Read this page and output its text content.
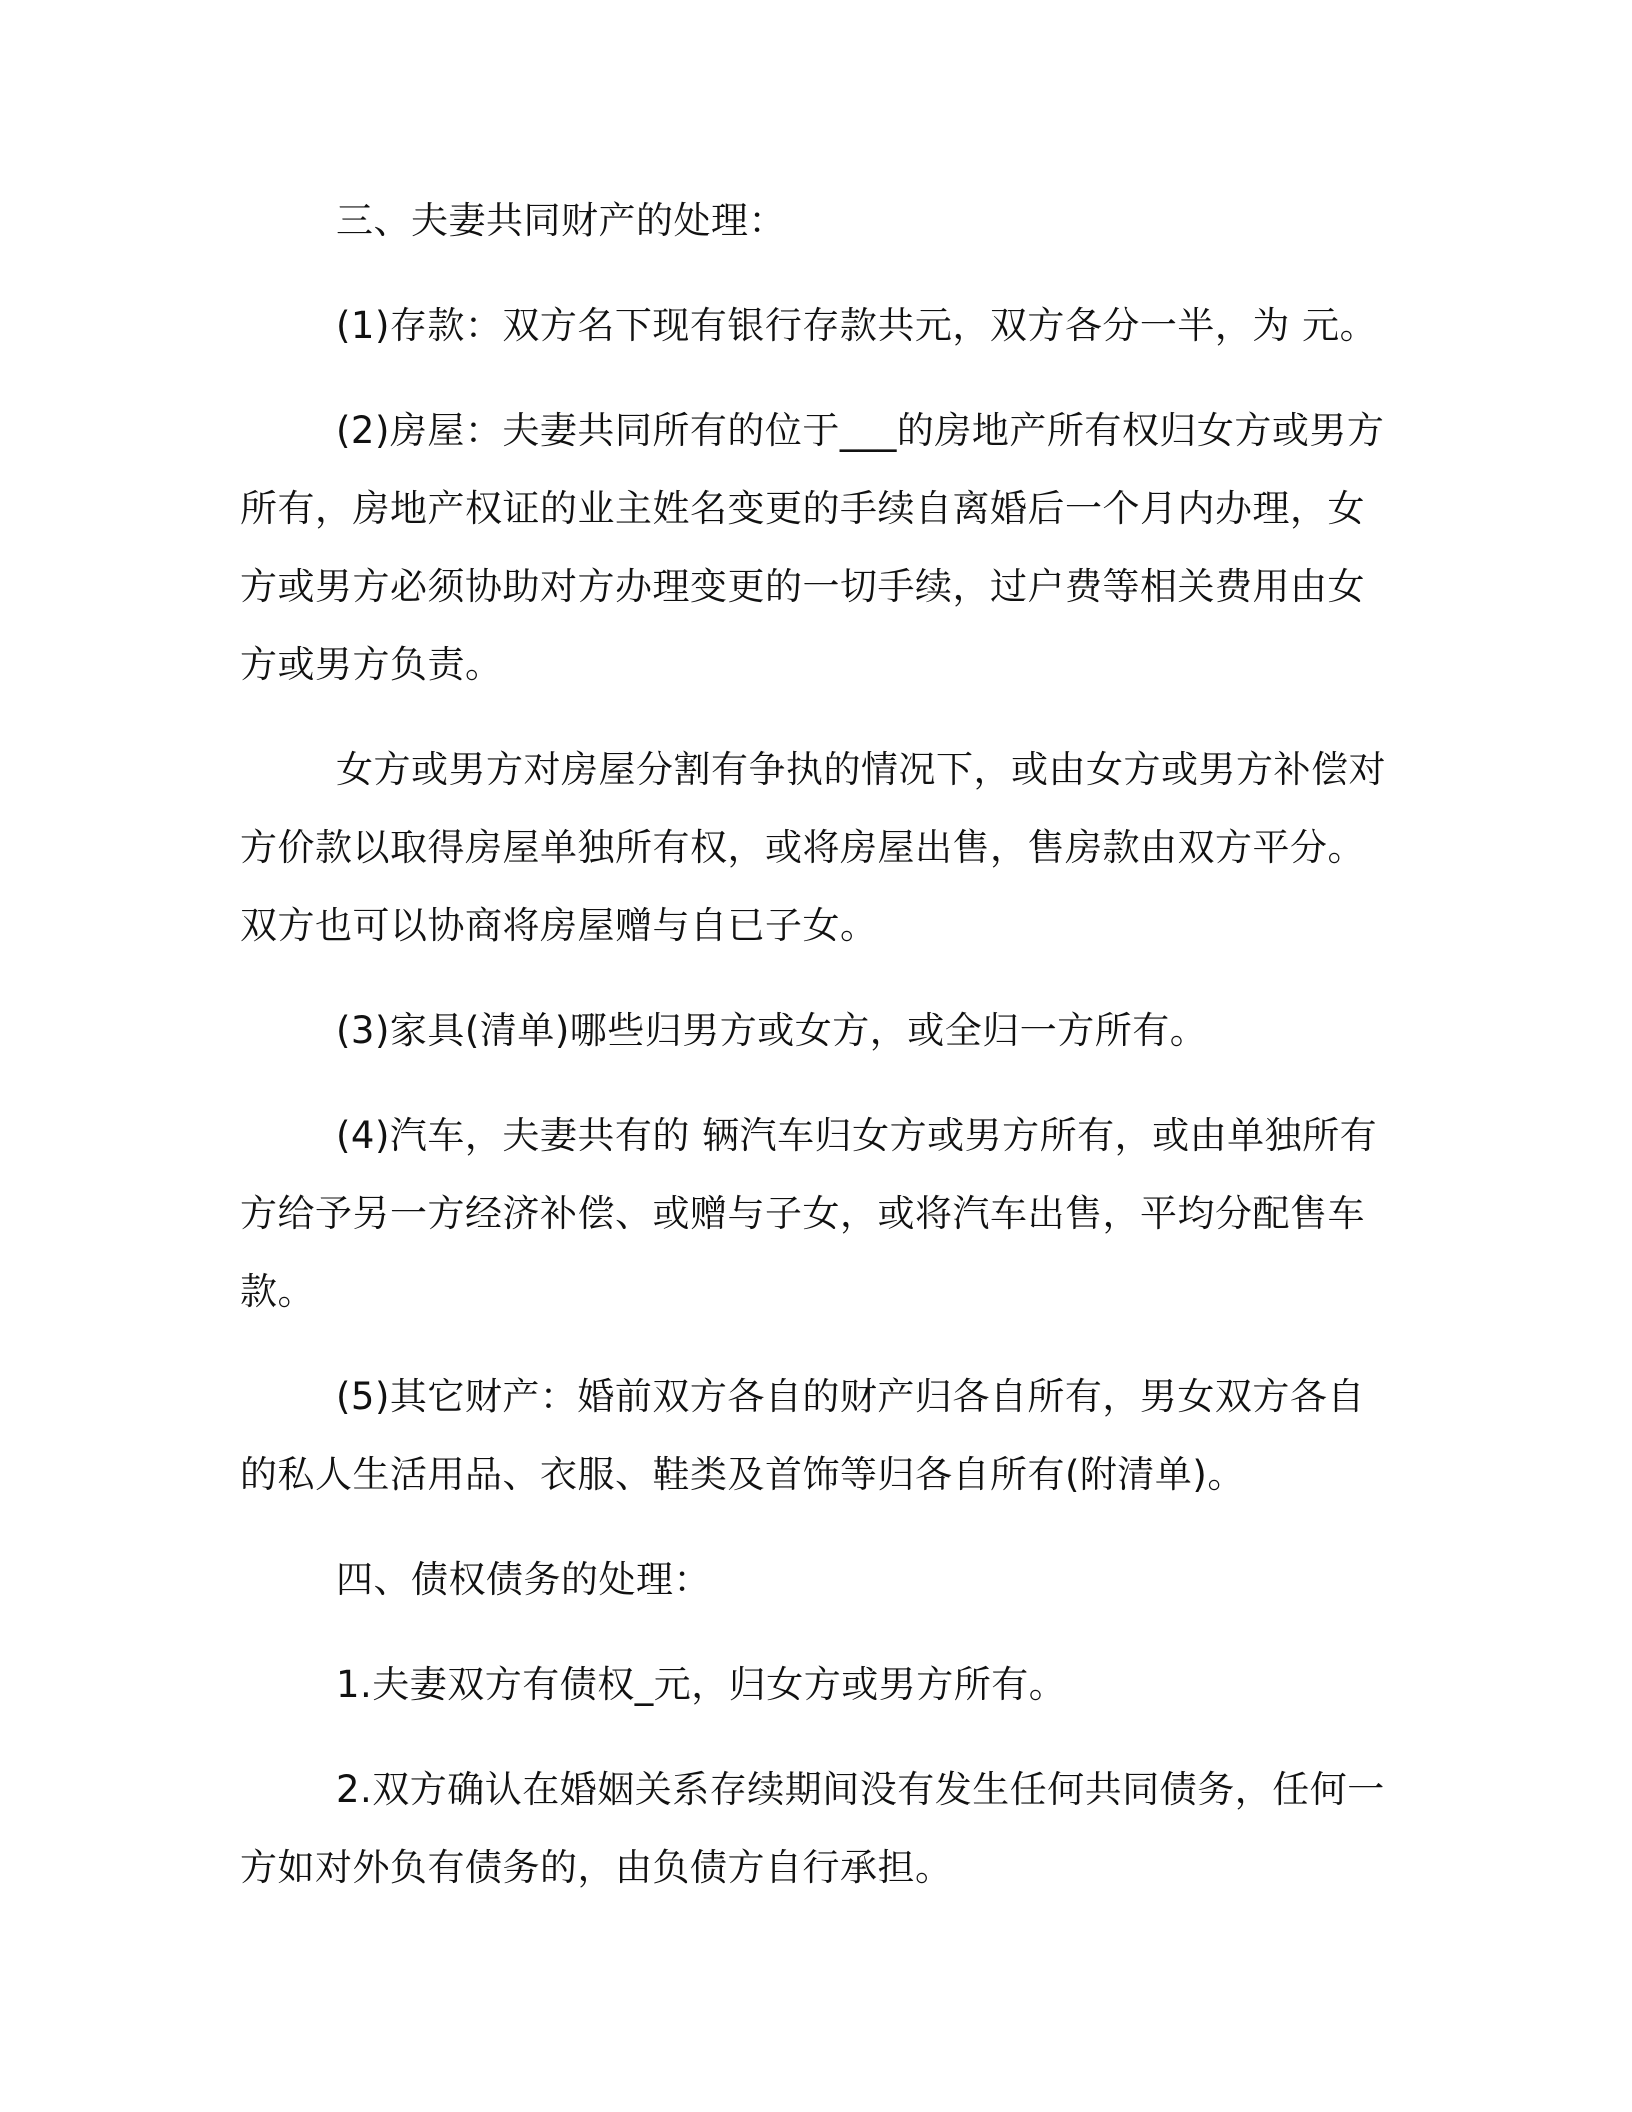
三、夫妻共同财产的处理：

(1)存款：双方名下现有银行存款共元，双方各分一半，为 元。

(2)房屋：夫妻共同所有的位于___的房地产所有权归女方或男方所有，房地产权证的业主姓名变更的手续自离婚后一个月内办理，女方或男方必须协助对方办理变更的一切手续，过户费等相关费用由女方或男方负责。

女方或男方对房屋分割有争执的情况下，或由女方或男方补偿对方价款以取得房屋单独所有权，或将房屋出售，售房款由双方平分。双方也可以协商将房屋赠与自已子女。

(3)家具(清单)哪些归男方或女方，或全归一方所有。

(4)汽车，夫妻共有的 辆汽车归女方或男方所有，或由单独所有方给予另一方经济补偿、或赠与子女，或将汽车出售，平均分配售车款。

(5)其它财产：婚前双方各自的财产归各自所有，男女双方各自的私人生活用品、衣服、鞋类及首饰等归各自所有(附清单)。

四、债权债务的处理：

1.夫妻双方有债权_元，归女方或男方所有。

2.双方确认在婚姻关系存续期间没有发生任何共同债务，任何一方如对外负有债务的，由负债方自行承担。
